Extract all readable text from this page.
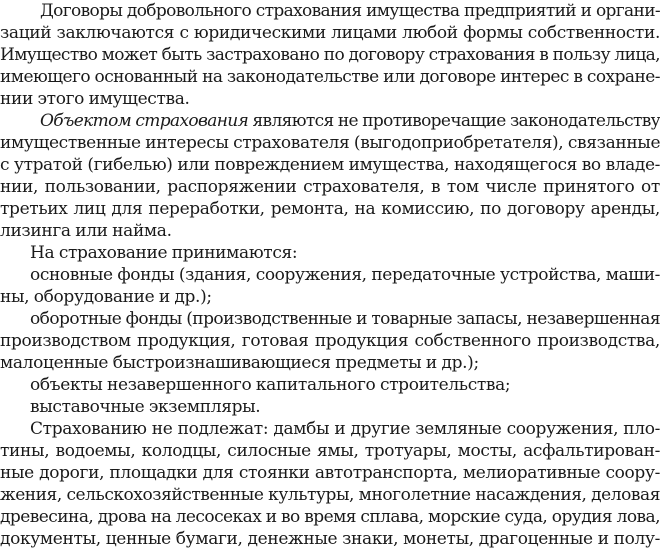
Договоры добровольного страхования имущества предприятий и органи-
заций заключаются с юридическими лицами любой формы собственности.
Имущество может быть застраховано по договору страхования в пользу лица,
имеющего основанный на законодательстве или договоре интерес в сохране-
нии этого имущества.
Объектом страхования являются не противоречащие законодательству
имущественные интересы страхователя (выгодоприобретателя), связанные
с утратой (гибелью) или повреждением имущества, находящегося во владе-
нии, пользовании, распоряжении страхователя, в том числе принятого от
третьих лиц для переработки, ремонта, на комиссию, по договору аренды,
лизинга или найма.
На страхование принимаются:
основные фонды (здания, сооружения, передаточные устройства, маши-
ны, оборудование и др.);
оборотные фонды (производственные и товарные запасы, незавершенная
производством продукция, готовая продукция собственного производства,
малоценные быстроизнашивающиеся предметы и др.);
объекты незавершенного капитального строительства;
выставочные экземпляры.
Страхованию не подлежат: дамбы и другие земляные сооружения, пло-
тины, водоемы, колодцы, силосные ямы, тротуары, мосты, асфальтирован-
ные дороги, площадки для стоянки автотранспорта, мелиоративные соору-
жения, сельскохозяйственные культуры, многолетние насаждения, деловая
древесина, дрова на лесосеках и во время сплава, морские суда, орудия лова,
документы, ценные бумаги, денежные знаки, монеты, драгоценные и полу-
